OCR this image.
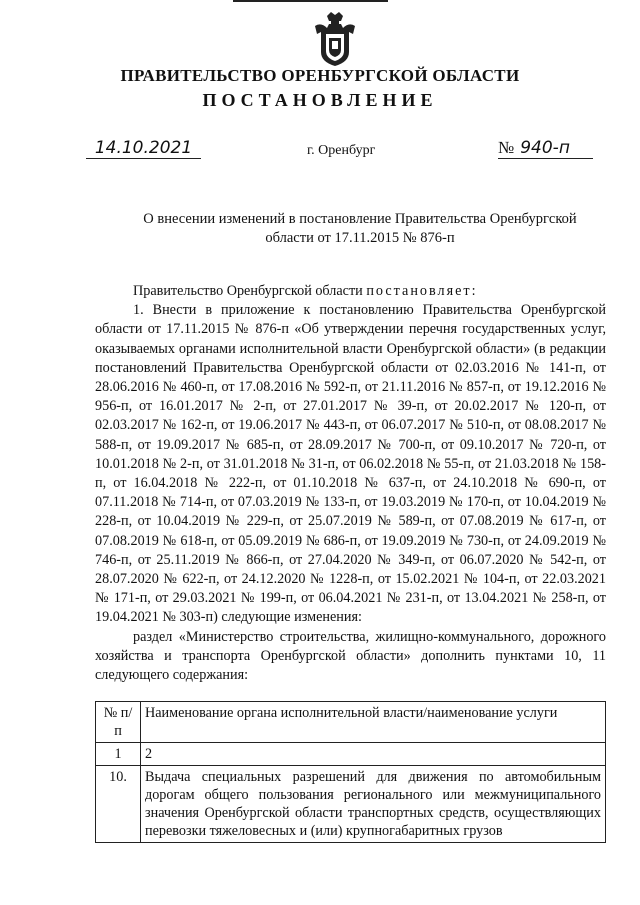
ПРАВИТЕЛЬСТВО ОРЕНБУРГСКОЙ ОБЛАСТИ
ПОСТАНОВЛЕНИЕ
14.10.2021	г. Оренбург	№ 940-п
О внесении изменений в постановление Правительства Оренбургской
области от 17.11.2015 № 876-п

Правительство Оренбургской области постановляет:

1. Внести в приложение к постановлению Правительства Оренбургской области от 17.11.2015 № 876-п «Об утверждении перечня государственных услуг, оказываемых органами исполнительной власти Оренбургской области» (в редакции постановлений Правительства Оренбургской области от 02.03.2016 № 141-п, от 28.06.2016 № 460-п, от 17.08.2016 № 592-п, от 21.11.2016 № 857-п, от 19.12.2016 № 956-п, от 16.01.2017 № 2-п, от 27.01.2017 № 39-п, от 20.02.2017 № 120-п, от 02.03.2017 № 162-п, от 19.06.2017 № 443-п, от 06.07.2017 № 510-п, от 08.08.2017 № 588-п, от 19.09.2017 № 685-п, от 28.09.2017 № 700-п, от 09.10.2017 № 720-п, от 10.01.2018 № 2-п, от 31.01.2018 № 31-п, от 06.02.2018 № 55-п, от 21.03.2018 № 158-п, от 16.04.2018 № 222-п, от 01.10.2018 № 637-п, от 24.10.2018 № 690-п, от 07.11.2018 № 714-п, от 07.03.2019 № 133-п, от 19.03.2019 № 170-п, от 10.04.2019 № 228-п, от 10.04.2019 № 229-п, от 25.07.2019 № 589-п, от 07.08.2019 № 617-п, от 07.08.2019 № 618-п, от 05.09.2019 № 686-п, от 19.09.2019 № 730-п, от 24.09.2019 № 746-п, от 25.11.2019 № 866-п, от 27.04.2020 № 349-п, от 06.07.2020 № 542-п, от 28.07.2020 № 622-п, от 24.12.2020 № 1228-п, от 15.02.2021 № 104-п, от 22.03.2021 № 171-п, от 29.03.2021 № 199-п, от 06.04.2021 № 231-п, от 13.04.2021 № 258-п, от 19.04.2021 № 303-п) следующие изменения:

раздел «Министерство строительства, жилищно-коммунального, дорожного хозяйства и транспорта Оренбургской области» дополнить пунктами 10, 11 следующего содержания:

№ п/п	Наименование органа исполнительной власти/наименование услуги
1	2
10.	Выдача специальных разрешений для движения по автомобильным дорогам общего пользования регионального или межмуниципального значения Оренбургской области транспортных средств, осуществляющих перевозки тяжеловесных и (или) крупногабаритных грузов
